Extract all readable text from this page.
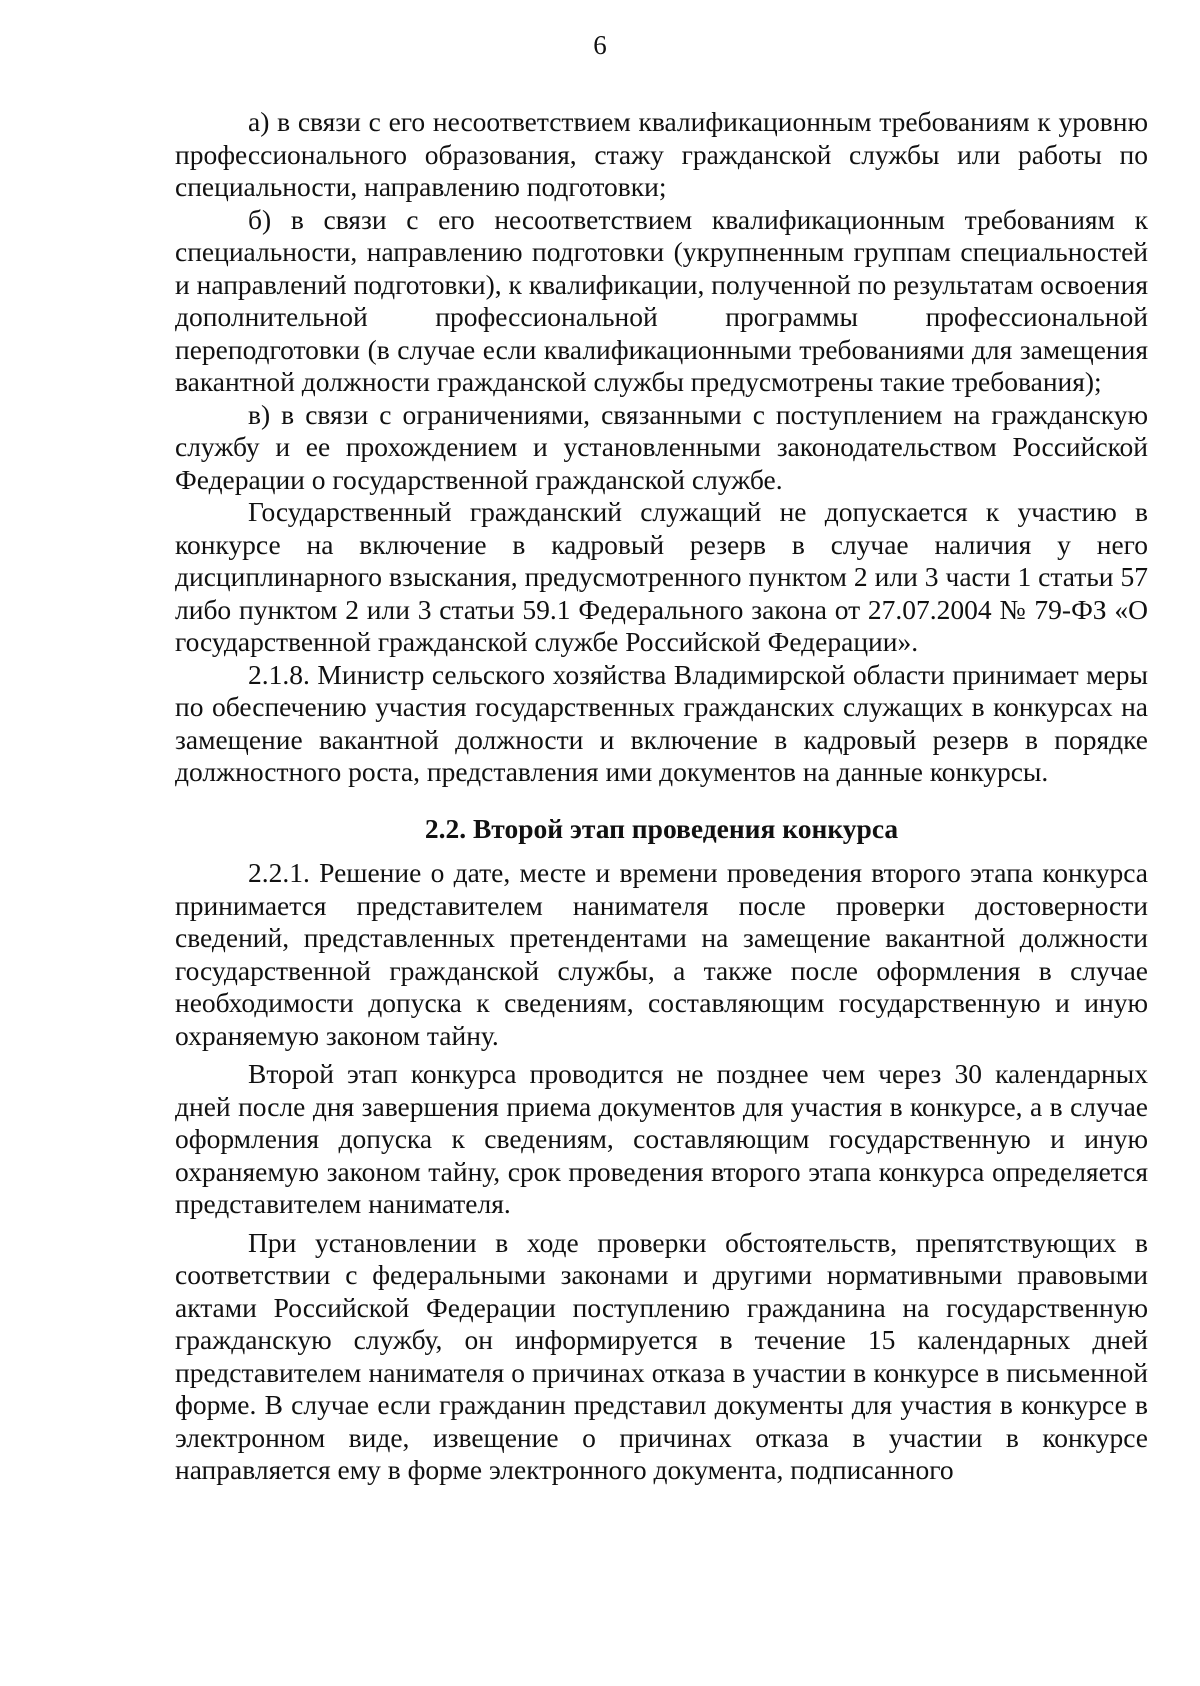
6

а) в связи с его несоответствием квалификационным требованиям к уровню профессионального образования, стажу гражданской службы или работы по специальности, направлению подготовки;

б) в связи с его несоответствием квалификационным требованиям к специальности, направлению подготовки (укрупненным группам специальностей и направлений подготовки), к квалификации, полученной по результатам освоения дополнительной профессиональной программы профессиональной переподготовки (в случае если квалификационными требованиями для замещения вакантной должности гражданской службы предусмотрены такие требования);

в) в связи с ограничениями, связанными с поступлением на гражданскую службу и ее прохождением и установленными законодательством Российской Федерации о государственной гражданской службе.

Государственный гражданский служащий не допускается к участию в конкурсе на включение в кадровый резерв в случае наличия у него дисциплинарного взыскания, предусмотренного пунктом 2 или 3 части 1 статьи 57 либо пунктом 2 или 3 статьи 59.1 Федерального закона от 27.07.2004 № 79-ФЗ «О государственной гражданской службе Российской Федерации».

2.1.8. Министр сельского хозяйства Владимирской области принимает меры по обеспечению участия государственных гражданских служащих в конкурсах на замещение вакантной должности и включение в кадровый резерв в порядке должностного роста, представления ими документов на данные конкурсы.

2.2. Второй этап проведения конкурса

2.2.1. Решение о дате, месте и времени проведения второго этапа конкурса принимается представителем нанимателя после проверки достоверности сведений, представленных претендентами на замещение вакантной должности государственной гражданской службы, а также после оформления в случае необходимости допуска к сведениям, составляющим государственную и иную охраняемую законом тайну.

Второй этап конкурса проводится не позднее чем через 30 календарных дней после дня завершения приема документов для участия в конкурсе, а в случае оформления допуска к сведениям, составляющим государственную и иную охраняемую законом тайну, срок проведения второго этапа конкурса определяется представителем нанимателя.

При установлении в ходе проверки обстоятельств, препятствующих в соответствии с федеральными законами и другими нормативными правовыми актами Российской Федерации поступлению гражданина на государственную гражданскую службу, он информируется в течение 15 календарных дней представителем нанимателя о причинах отказа в участии в конкурсе в письменной форме. В случае если гражданин представил документы для участия в конкурсе в электронном виде, извещение о причинах отказа в участии в конкурсе направляется ему в форме электронного документа, подписанного
